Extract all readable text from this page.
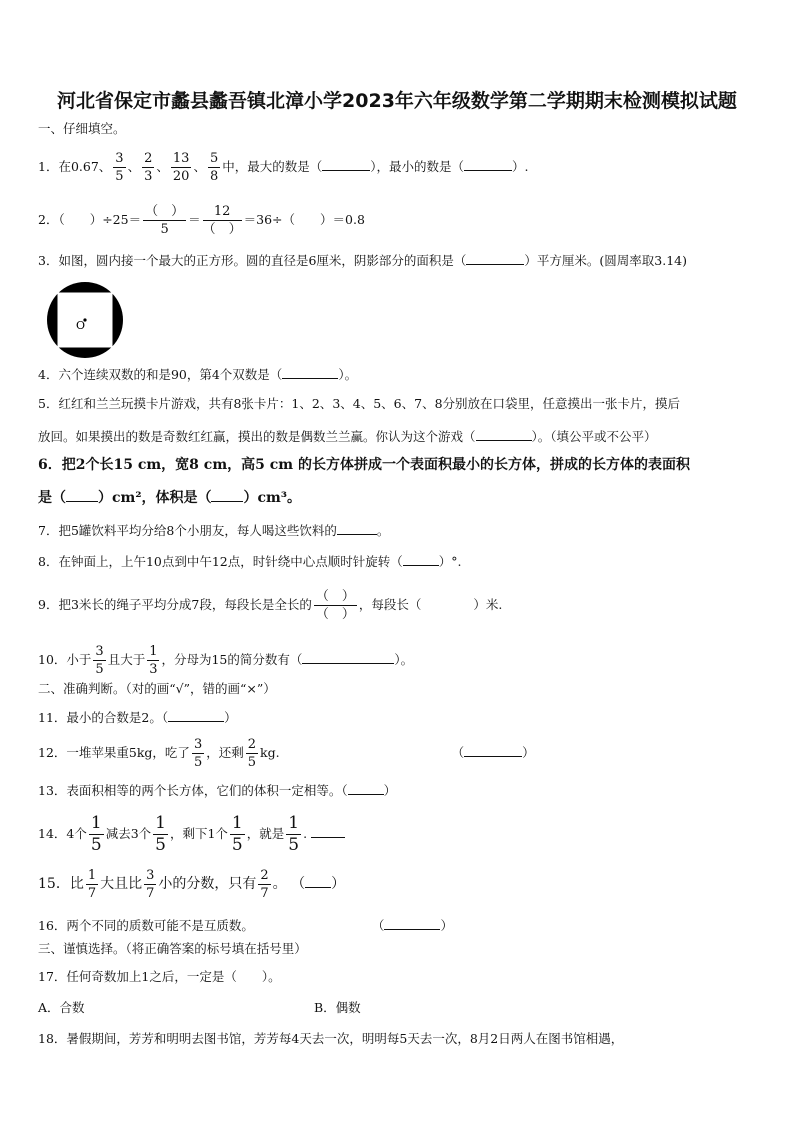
河北省保定市蠡县蠡吾镇北漳小学2023年六年级数学第二学期期末检测模拟试题
一、仔细填空。
1．在0.67、 $\frac{3}{5}$ 、 $\frac{2}{3}$ 、 $\frac{13}{20}$ 、 $\frac{5}{8}$ 中，最大的数是（	），最小的数是（	）.
2．（　　）$\div 25= \frac{( )}{5} = \frac{12}{( )} =36\div$（　　）＝0.8
3．如图，圆内接一个最大的正方形。圆的直径是6厘米，阴影部分的面积是（	）平方厘米。(圆周率取3.14)
O
4．六个连续双数的和是90，第4个双数是（	）。
5．红红和兰兰玩摸卡片游戏，共有8张卡片：1、2、3、4、5、6、7、8分别放在口袋里，任意摸出一张卡片，摸后
放回。如果摸出的数是奇数红红赢，摸出的数是偶数兰兰赢。你认为这个游戏（	）。（填公平或不公平）
6．把2个长15 cm，宽8 cm，高5 cm 的长方体拼成一个表面积最小的长方体，拼成的长方体的表面积
是（ ）cm²，体积是（ ）cm³。
7．把5罐饮料平均分给8个小朋友，每人喝这些饮料的	。
8．在钟面上，上午10点到中午12点，时针绕中心点顺时针旋转（	）°.
9．把3米长的绳子平均分成7段，每段长是全长的 $\frac{( )}{( )}$ ，每段长（	）米.
10．小于 $\frac{3}{5}$ 且大于 $\frac{1}{3}$ ，分母为15的简分数有（	）。
二、准确判断。（对的画“√”，错的画“×”）
11．最小的合数是2。（	）
12．一堆苹果重5kg，吃了 $\frac{3}{5}$ ，还剩 $\frac{2}{5}$ kg.	（	）
13．表面积相等的两个长方体，它们的体积一定相等。（	）
14．4个 $\frac{1}{5}$ 减去3个 $\frac{1}{5}$ ，剩下1个 $\frac{1}{5}$ ，就是 $\frac{1}{5}$ .
15．比 $\frac{1}{7}$ 大且比 $\frac{3}{7}$ 小的分数，只有 $\frac{2}{7}$ 。 （ ）
16．两个不同的质数可能不是互质数。	（	）
三、谨慎选择。（将正确答案的标号填在括号里）
17．任何奇数加上1之后，一定是（　　）。
A．合数	B．偶数
18．暑假期间，芳芳和明明去图书馆，芳芳每4天去一次，明明每5天去一次，8月2日两人在图书馆相遇，
